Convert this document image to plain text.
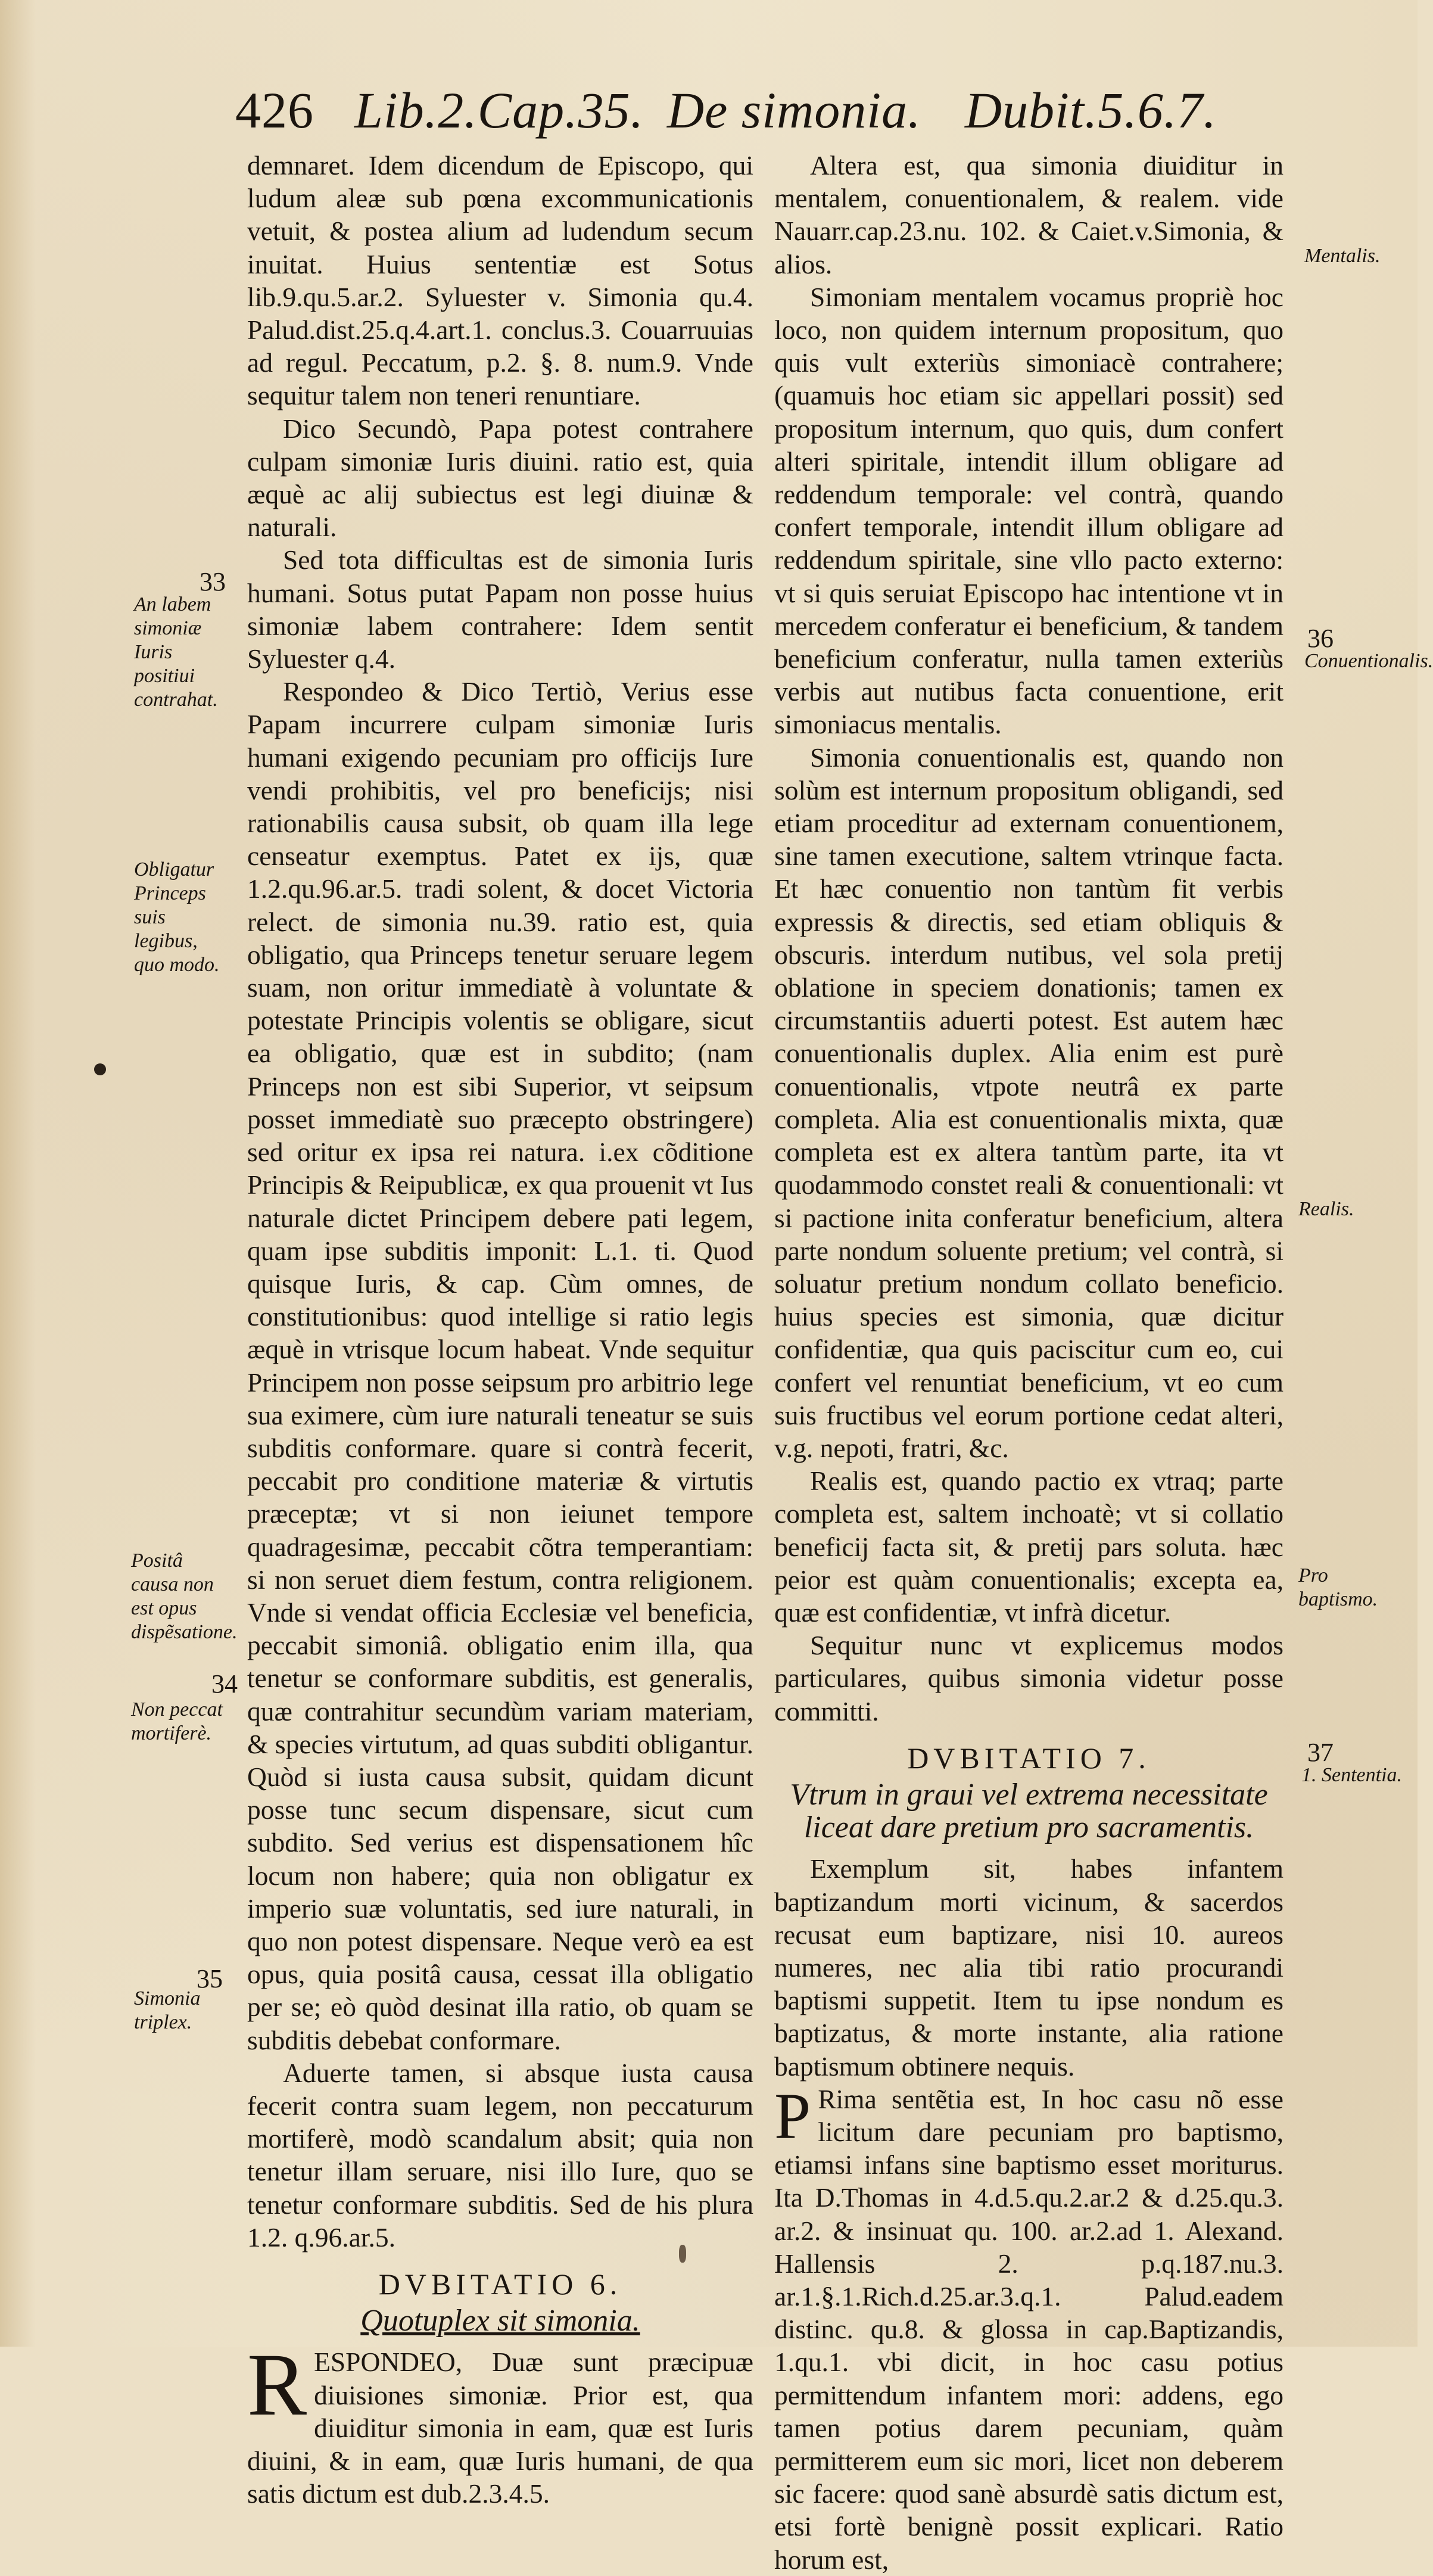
426 Lib.2.Cap.35. De simonia. Dubit.5.6.7.

demnaret. Idem dicendum de Episcopo, qui ludum aleæ sub pœna excommunicationis vetuit, & postea alium ad ludendum secum inuitat. Huius sententiæ est Sotus lib.9.qu.5.ar.2. Syluester v. Simonia qu.4. Palud.dist.25.q.4.art.1. conclus.3. Couarruuias ad regul. Peccatum, p.2. §. 8. num.9. Vnde sequitur talem non teneri renuntiare.

Dico Secundò, Papa potest contrahere culpam simoniæ Iuris diuini. ratio est, quia æquè ac alij subiectus est legi diuinæ & naturali.

Sed tota difficultas est de simonia Iuris humani. Sotus putat Papam non posse huius simoniæ labem contrahere: Idem sentit Syluester q.4.

Respondeo & Dico Tertiò, Verius esse Papam incurrere culpam simoniæ Iuris humani exigendo pecuniam pro officijs Iure vendi prohibitis, vel pro beneficijs; nisi rationabilis causa subsit, ob quam illa lege censeatur exemptus. Patet ex ijs, quæ 1.2.qu.96.ar.5. tradi solent, & docet Victoria relect. de simonia nu.39. ratio est, quia obligatio, qua Princeps tenetur seruare legem suam, non oritur immediatè à voluntate & potestate Principis volentis se obligare, sicut ea obligatio, quæ est in subdito; (nam Princeps non est sibi Superior, vt seipsum posset immediatè suo præcepto obstringere) sed oritur ex ipsa rei natura. i.ex cõditione Principis & Reipublicæ, ex qua prouenit vt Ius naturale dictet Principem debere pati legem, quam ipse subditis imponit: L.1. ti. Quod quisque Iuris, & cap. Cùm omnes, de constitutionibus: quod intellige si ratio legis æquè in vtrisque locum habeat. Vnde sequitur Principem non posse seipsum pro arbitrio lege sua eximere, cùm iure naturali teneatur se suis subditis conformare. quare si contrà fecerit, peccabit pro conditione materiæ & virtutis præceptæ; vt si non ieiunet tempore quadragesimæ, peccabit cõtra temperantiam: si non seruet diem festum, contra religionem. Vnde si vendat officia Ecclesiæ vel beneficia, peccabit simoniâ. obligatio enim illa, qua tenetur se conformare subditis, est generalis, quæ contrahitur secundùm variam materiam, & species virtutum, ad quas subditi obligantur. Quòd si iusta causa subsit, quidam dicunt posse tunc secum dispensare, sicut cum subdito. Sed verius est dispensationem hîc locum non habere; quia non obligatur ex imperio suæ voluntatis, sed iure naturali, in quo non potest dispensare. Neque verò ea est opus, quia positâ causa, cessat illa obligatio per se; eò quòd desinat illa ratio, ob quam se subditis debebat conformare.

Aduerte tamen, si absque iusta causa fecerit contra suam legem, non peccaturum mortiferè, modò scandalum absit; quia non tenetur illam seruare, nisi illo Iure, quo se tenetur conformare subditis. Sed de his plura 1.2. q.96.ar.5.

DVBITATIO 6.
Quotuplex sit simonia.

RESPONDEO, Duæ sunt præcipuæ diuisiones simoniæ. Prior est, qua diuiditur simonia in eam, quæ est Iuris diuini, & in eam, quæ Iuris humani, de qua satis dictum est dub.2.3.4.5.

Altera est, qua simonia diuiditur in mentalem, conuentionalem, & realem. vide Nauarr.cap.23.nu. 102. & Caiet.v.Simonia, & alios.

Simoniam mentalem vocamus propriè hoc loco, non quidem internum propositum, quo quis vult exteriùs simoniacè contrahere; (quamuis hoc etiam sic appellari possit) sed propositum internum, quo quis, dum confert alteri spiritale, intendit illum obligare ad reddendum temporale: vel contrà, quando confert temporale, intendit illum obligare ad reddendum spiritale, sine vllo pacto externo: vt si quis seruiat Episcopo hac intentione vt in mercedem conferatur ei beneficium, & tandem beneficium conferatur, nulla tamen exteriùs verbis aut nutibus facta conuentione, erit simoniacus mentalis.

Simonia conuentionalis est, quando non solùm est internum propositum obligandi, sed etiam proceditur ad externam conuentionem, sine tamen executione, saltem vtrinque facta. Et hæc conuentio non tantùm fit verbis expressis & directis, sed etiam obliquis & obscuris. interdum nutibus, vel sola pretij oblatione in speciem donationis; tamen ex circumstantiis aduerti potest. Est autem hæc conuentionalis duplex. Alia enim est purè conuentionalis, vtpote neutrâ ex parte completa. Alia est conuentionalis mixta, quæ completa est ex altera tantùm parte, ita vt quodammodo constet reali & conuentionali: vt si pactione inita conferatur beneficium, altera parte nondum soluente pretium; vel contrà, si soluatur pretium nondum collato beneficio. huius species est simonia, quæ dicitur confidentiæ, qua quis paciscitur cum eo, cui confert vel renuntiat beneficium, vt eo cum suis fructibus vel eorum portione cedat alteri, v.g. nepoti, fratri, &c.

Realis est, quando pactio ex vtraq; parte completa est, saltem inchoatè; vt si collatio beneficij facta sit, & pretij pars soluta. hæc peior est quàm conuentionalis; excepta ea, quæ est confidentiæ, vt infrà dicetur.

Sequitur nunc vt explicemus modos particulares, quibus simonia videtur posse committi.

DVBITATIO 7.
Vtrum in graui vel extrema necessitate liceat dare pretium pro sacramentis.

Exemplum sit, habes infantem baptizandum morti vicinum, & sacerdos recusat eum baptizare, nisi 10. aureos numeres, nec alia tibi ratio procurandi baptismi suppetit. Item tu ipse nondum es baptizatus, & morte instante, alia ratione baptismum obtinere nequis.

P Rima sentẽtia est, In hoc casu nõ esse licitum dare pecuniam pro baptismo, etiamsi infans sine baptismo esset moriturus. Ita D.Thomas in 4.d.5.qu.2.ar.2 & d.25.qu.3. ar.2. & insinuat qu. 100. ar.2.ad 1. Alexand. Hallensis 2. p.q.187.nu.3. ar.1.§.1.Rich.d.25.ar.3.q.1. Palud.eadem distinc. qu.8. & glossa in cap.Baptizandis, 1.qu.1. vbi dicit, in hoc casu potius permittendum infantem mori: addens, ego tamen potius darem pecuniam, quàm permitterem eum sic mori, licet non deberem sic facere: quod sanè absurdè satis dictum est, etsi fortè benignè possit explicari. Ratio horum est,

33
An labem simoniæ Iuris positiui contrahat.
Obligatur Princeps suis legibus, quo modo.
Positâ causa non est opus dispẽsatione.
34
Non peccat mortiferè.
35
Simonia triplex.
Mentalis.
36
Conuentionalis.
Realis.
Pro baptismo.
37
1. Sententia.
